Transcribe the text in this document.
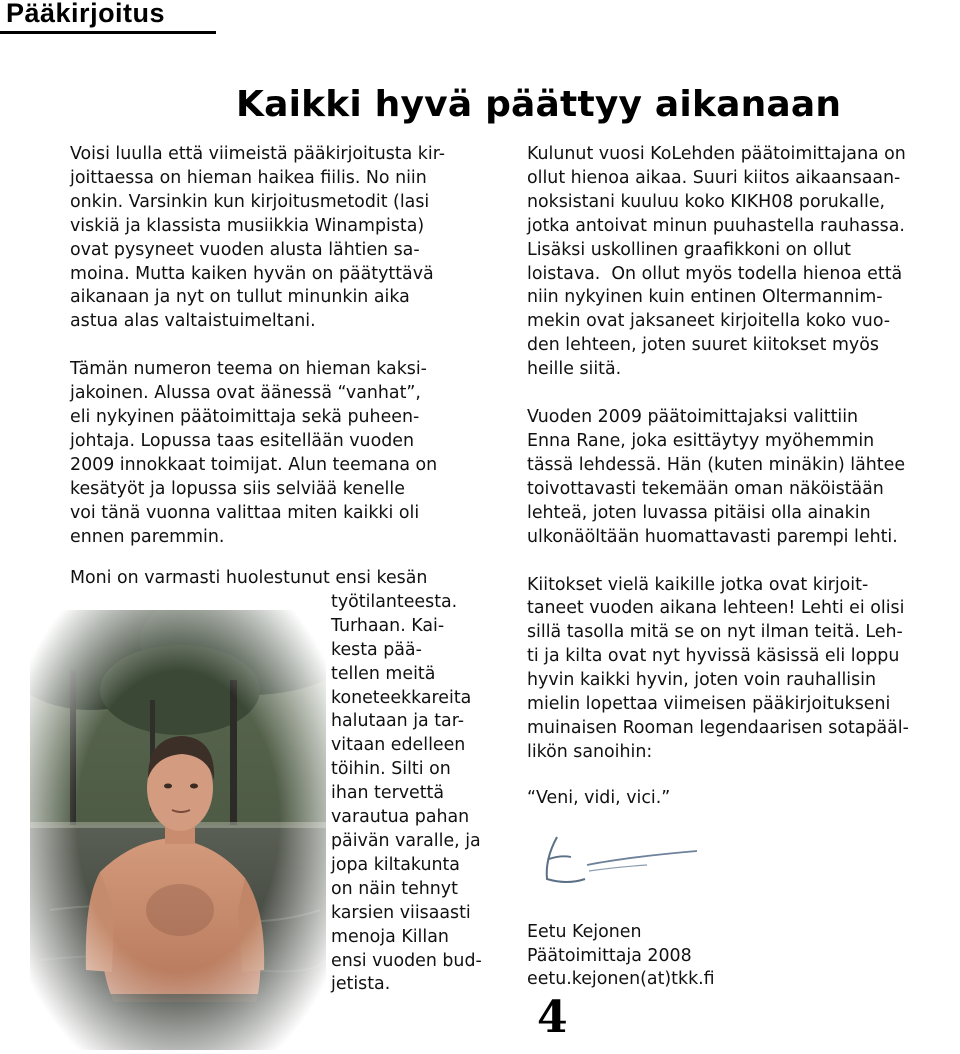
Pääkirjoitus
Kaikki hyvä päättyy aikanaan

Voisi luulla että viimeistä pääkirjoitusta kir-
joittaessa on hieman haikea fiilis. No niin
onkin. Varsinkin kun kirjoitusmetodit (lasi
viskiä ja klassista musiikkia Winampista)
ovat pysyneet vuoden alusta lähtien sa-
moina. Mutta kaiken hyvän on päätyttävä
aikanaan ja nyt on tullut minunkin aika
astua alas valtaistuimeltani.

Tämän numeron teema on hieman kaksi-
jakoinen. Alussa ovat äänessä “vanhat”,
eli nykyinen päätoimittaja sekä puheen-
johtaja. Lopussa taas esitellään vuoden
2009 innokkaat toimijat. Alun teemana on
kesätyöt ja lopussa siis selviää kenelle
voi tänä vuonna valittaa miten kaikki oli
ennen paremmin.

Moni on varmasti huolestunut ensi kesän
työtilanteesta.
Turhaan. Kai-
kesta pää-
tellen meitä
koneteekkareita
halutaan ja tar-
vitaan edelleen
töihin. Silti on
ihan tervettä
varautua pahan
päivän varalle, ja
jopa kiltakunta
on näin tehnyt
karsien viisaasti
menoja Killan
ensi vuoden bud-
jetista.

Kulunut vuosi KoLehden päätoimittajana on
ollut hienoa aikaa. Suuri kiitos aikaansaan-
noksistani kuuluu koko KIKH08 porukalle,
jotka antoivat minun puuhastella rauhassa.
Lisäksi uskollinen graafikkoni on ollut
loistava.  On ollut myös todella hienoa että
niin nykyinen kuin entinen Oltermannim-
mekin ovat jaksaneet kirjoitella koko vuo-
den lehteen, joten suuret kiitokset myös
heille siitä.

Vuoden 2009 päätoimittajaksi valittiin
Enna Rane, joka esittäytyy myöhemmin
tässä lehdessä. Hän (kuten minäkin) lähtee
toivottavasti tekemään oman näköistään
lehteä, joten luvassa pitäisi olla ainakin
ulkonäöltään huomattavasti parempi lehti.

Kiitokset vielä kaikille jotka ovat kirjoit-
taneet vuoden aikana lehteen! Lehti ei olisi
sillä tasolla mitä se on nyt ilman teitä. Leh-
ti ja kilta ovat nyt hyvissä käsissä eli loppu
hyvin kaikki hyvin, joten voin rauhallisin
mielin lopettaa viimeisen pääkirjoitukseni
muinaisen Rooman legendaarisen sotapääl-
likön sanoihin:

“Veni, vidi, vici.”

Eetu Kejonen
Päätoimittaja 2008
eetu.kejonen(at)tkk.fi

4
